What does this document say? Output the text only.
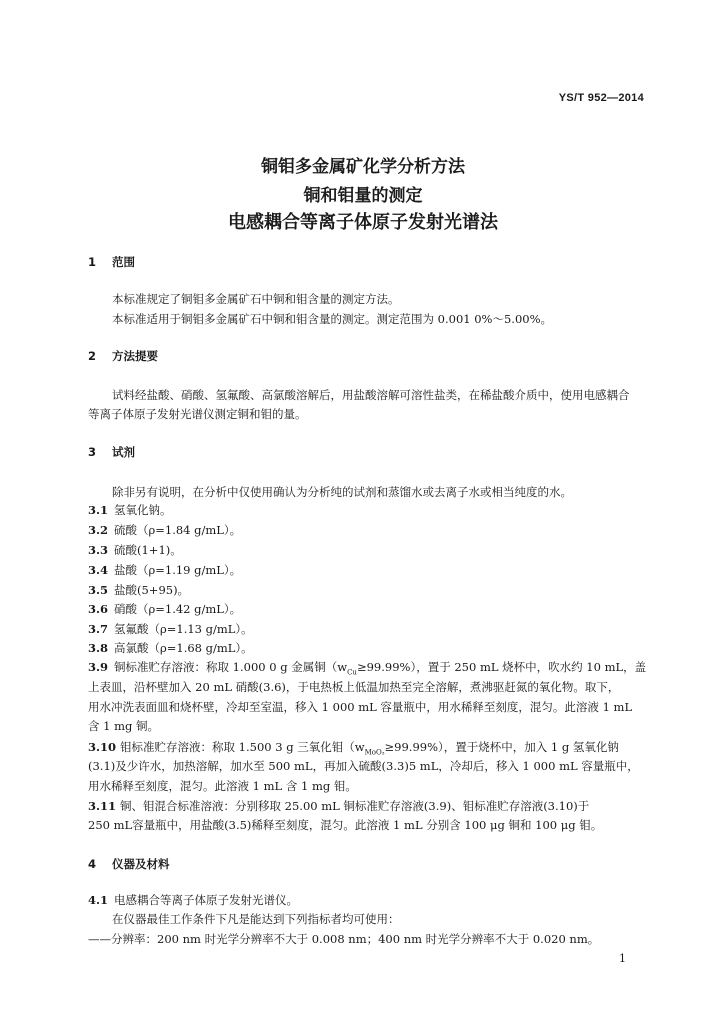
YS/T 952—2014
铜钼多金属矿化学分析方法
铜和钼量的测定
电感耦合等离子体原子发射光谱法
1 范围
本标准规定了铜钼多金属矿石中铜和钼含量的测定方法。
本标准适用于铜钼多金属矿石中铜和钼含量的测定。测定范围为 0.001 0%～5.00%。
2 方法提要
试料经盐酸、硝酸、氢氟酸、高氯酸溶解后，用盐酸溶解可溶性盐类，在稀盐酸介质中，使用电感耦合
等离子体原子发射光谱仪测定铜和钼的量。
3 试剂
除非另有说明，在分析中仅使用确认为分析纯的试剂和蒸馏水或去离子水或相当纯度的水。
3.1 氢氧化钠。
3.2 硫酸（ρ=1.84 g/mL）。
3.3 硫酸(1+1)。
3.4 盐酸（ρ=1.19 g/mL）。
3.5 盐酸(5+95)。
3.6 硝酸（ρ=1.42 g/mL）。
3.7 氢氟酸（ρ=1.13 g/mL）。
3.8 高氯酸（ρ=1.68 g/mL）。
3.9 铜标准贮存溶液：称取 1.000 0 g 金属铜$(w_{Cu}\ge 99.99\%)$，置于 250 mL 烧杯中，吹水约 10 mL，盖
上表皿，沿杯壁加入 20 mL 硝酸(3.6)，于电热板上低温加热至完全溶解，煮沸驱赶氮的氧化物。取下，
用水冲洗表面皿和烧杯壁，冷却至室温，移入 1 000 mL 容量瓶中，用水稀释至刻度，混匀。此溶液 1 mL
含 1 mg 铜。
3.10 钼标准贮存溶液：称取 1.500 3 g 三氧化钼$(w_{MoO_3}\ge 99.99\%)$，置于烧杯中，加入 1 g 氢氧化钠
(3.1)及少许水，加热溶解，加水至 500 mL，再加入硫酸(3.3)5 mL，冷却后，移入 1 000 mL 容量瓶中，
用水稀释至刻度，混匀。此溶液 1 mL 含 1 mg 钼。
3.11 铜、钼混合标准溶液：分别移取 25.00 mL 铜标准贮存溶液(3.9)、钼标准贮存溶液(3.10)于
250 mL容量瓶中，用盐酸(3.5)稀释至刻度，混匀。此溶液 1 mL 分别含 100 μg 铜和 100 μg 钼。
4 仪器及材料
4.1 电感耦合等离子体原子发射光谱仪。
在仪器最佳工作条件下凡是能达到下列指标者均可使用：
——分辨率：200 nm 时光学分辨率不大于 0.008 nm；400 nm 时光学分辨率不大于 0.020 nm。
1
